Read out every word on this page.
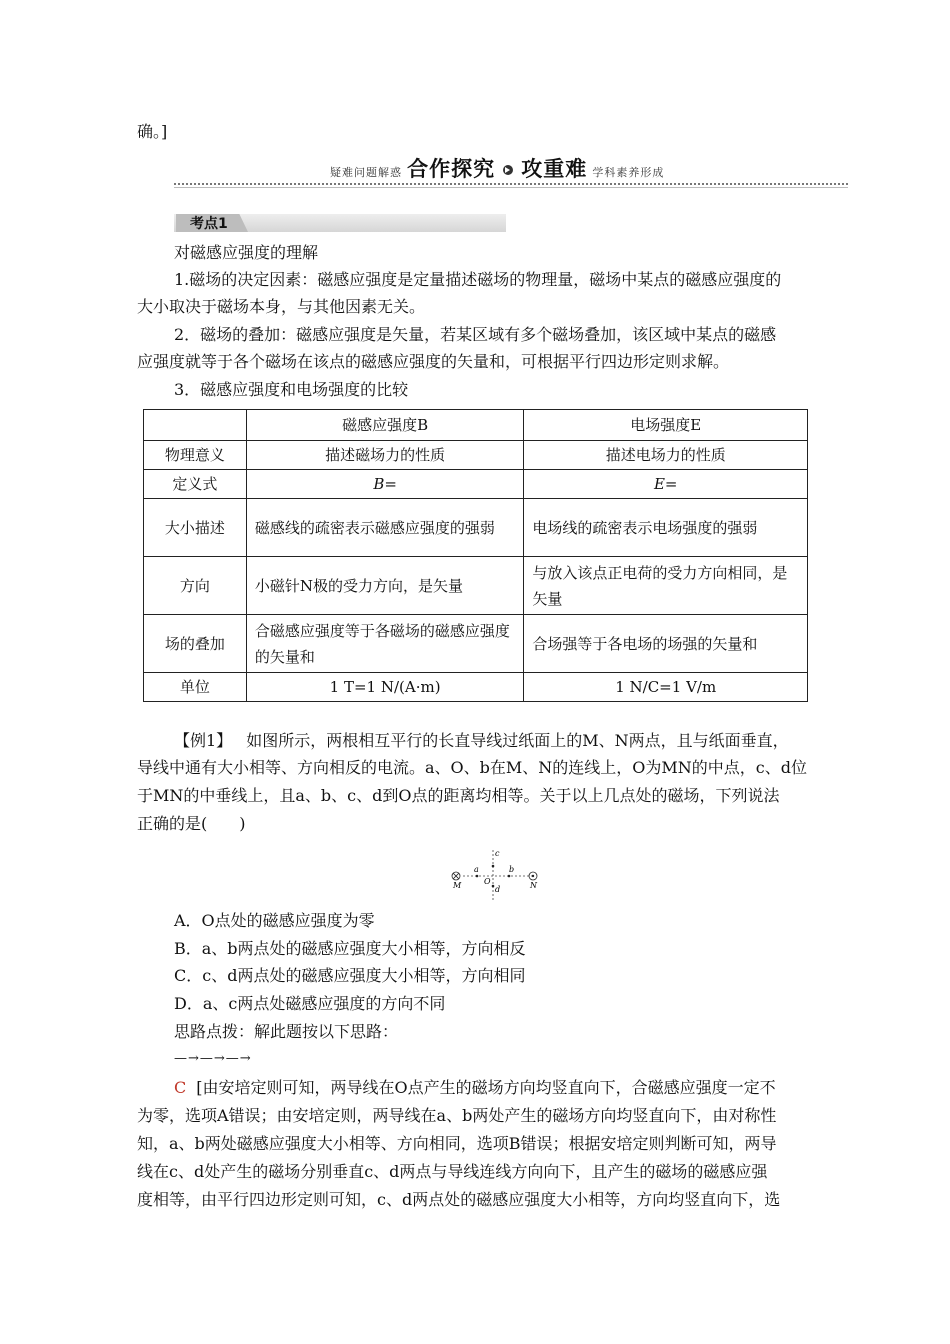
确。]
疑难问题解惑 合作探究 攻重难 学科素养形成
考点1
对磁感应强度的理解
1.磁场的决定因素：磁感应强度是定量描述磁场的物理量，磁场中某点的磁感应强度的
大小取决于磁场本身，与其他因素无关。
2．磁场的叠加：磁感应强度是矢量，若某区域有多个磁场叠加，该区域中某点的磁感
应强度就等于各个磁场在该点的磁感应强度的矢量和，可根据平行四边形定则求解。
3．磁感应强度和电场强度的比较
	磁感应强度B	电场强度E
物理意义	描述磁场力的性质	描述电场力的性质
定义式	B=	E=
大小描述	磁感线的疏密表示磁感应强度的强弱	电场线的疏密表示电场强度的强弱
方向	小磁针N极的受力方向，是矢量	与放入该点正电荷的受力方向相同，是矢量
场的叠加	合磁感应强度等于各磁场的磁感应强度的矢量和	合场强等于各电场的场强的矢量和
单位	1 T=1 N/(A·m)	1 N/C=1 V/m
【例1】 如图所示，两根相互平行的长直导线过纸面上的M、N两点，且与纸面垂直，
导线中通有大小相等、方向相反的电流。a、O、b在M、N的连线上，O为MN的中点，c、d位
于MN的中垂线上，且a、b、c、d到O点的距离均相等。关于以上几点处的磁场，下列说法
正确的是(　　)
M	N
O
a	b
c
d
A．O点处的磁感应强度为零
B．a、b两点处的磁感应强度大小相等，方向相反
C．c、d两点处的磁感应强度大小相等，方向相同
D．a、c两点处磁感应强度的方向不同
思路点拨：解此题按以下思路：
—→—→—→
C [由安培定则可知，两导线在O点产生的磁场方向均竖直向下，合磁感应强度一定不
为零，选项A错误；由安培定则，两导线在a、b两处产生的磁场方向均竖直向下，由对称性
知，a、b两处磁感应强度大小相等、方向相同，选项B错误；根据安培定则判断可知，两导
线在c、d处产生的磁场分别垂直c、d两点与导线连线方向向下，且产生的磁场的磁感应强
度相等，由平行四边形定则可知，c、d两点处的磁感应强度大小相等，方向均竖直向下，选
